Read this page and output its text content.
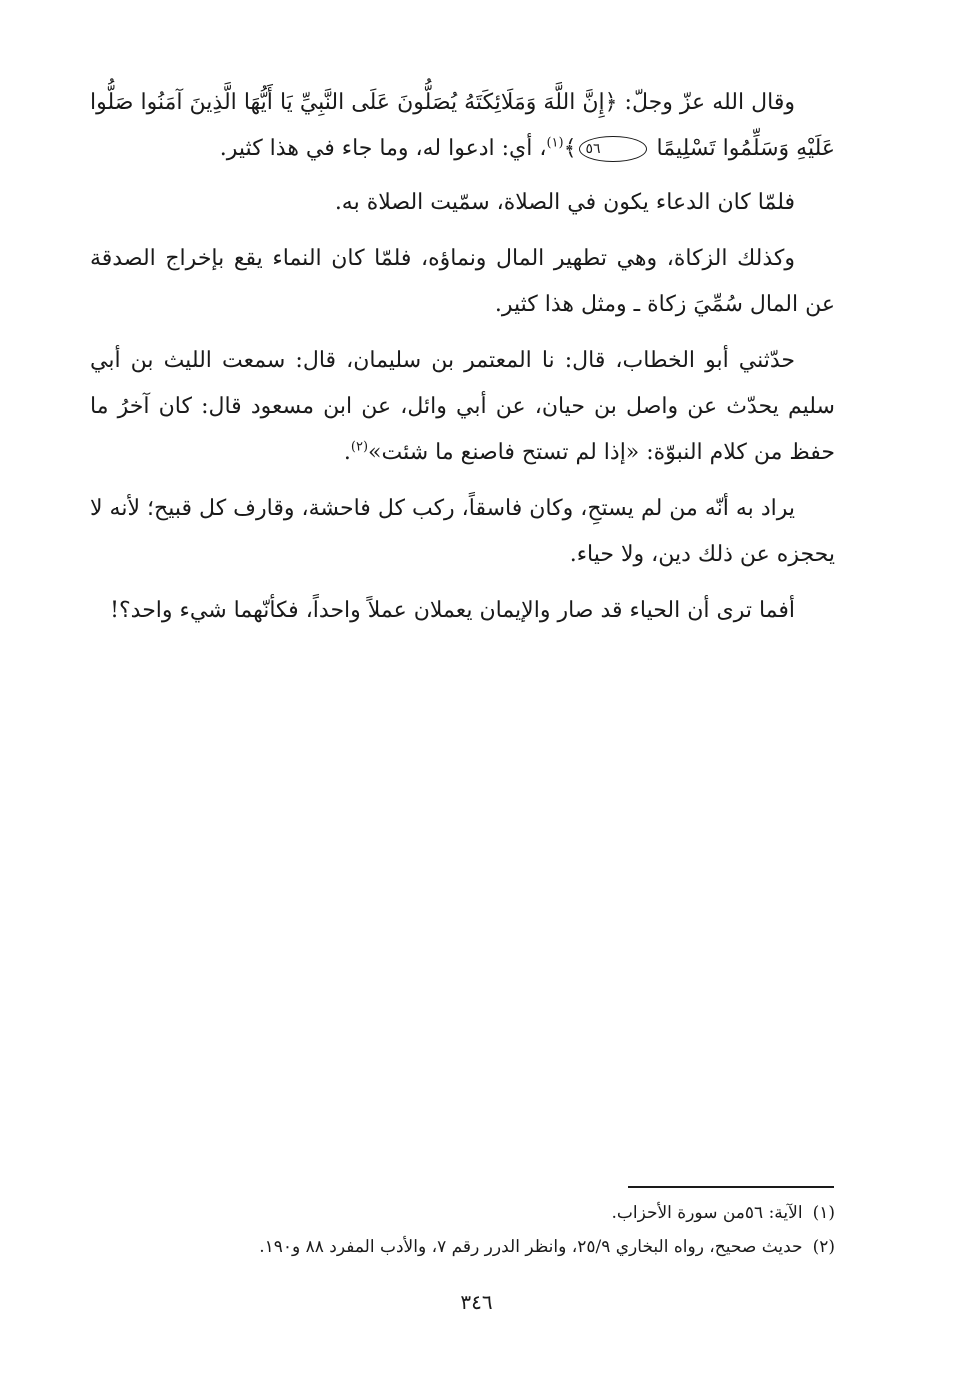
وقال الله عزّ وجلّ: ﴿إِنَّ اللَّهَ وَمَلَائِكَتَهُ يُصَلُّونَ عَلَى النَّبِيِّ يَا أَيُّهَا الَّذِينَ آمَنُوا صَلُّوا عَلَيْهِ وَسَلِّمُوا تَسْلِيمًا ٥٦﴾$^{(١)}$، أي: ادعوا له، وما جاء في هذا كثير.

فلمّا كان الدعاء يكون في الصلاة، سمّيت الصلاة به.

وكذلك الزكاة، وهي تطهير المال ونماؤه، فلمّا كان النماء يقع بإخراج الصدقة عن المال سُمِّيَ زكاة ـ ومثل هذا كثير.

حدّثني أبو الخطاب، قال: نا المعتمر بن سليمان، قال: سمعت الليث بن أبي سليم يحدّث عن واصل بن حيان، عن أبي وائل، عن ابن مسعود قال: كان آخرُ ما حفظ من كلام النبوّة: «إذا لم تستح فاصنع ما شئت»$^{(٢)}$.

يراد به أنّه من لم يستحِ، وكان فاسقاً، ركب كل فاحشة، وقارف كل قبيح؛ لأنه لا يحجزه عن ذلك دين، ولا حياء.

أفما ترى أن الحياء قد صار والإيمان يعملان عملاً واحداً، فكأنّهما شيء واحد؟!

(١)الآية: ٥٦من سورة الأحزاب.

(٢)حديث صحيح، رواه البخاري ٢٥/٩، وانظر الدرر رقم ٧، والأدب المفرد ٨٨ و١٩٠.

٣٤٦
